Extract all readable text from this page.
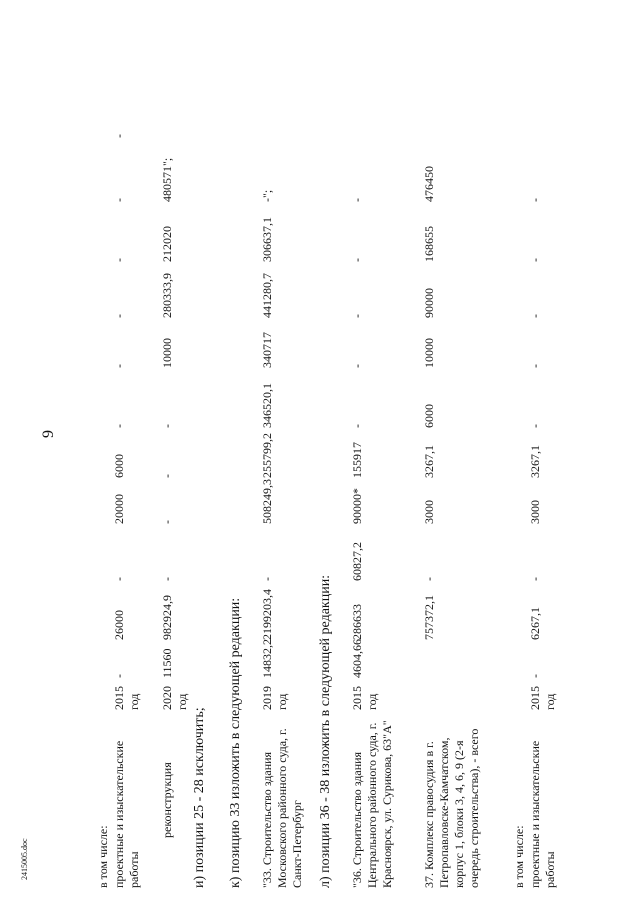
9
2415005.doc	в том числе: проектные и изыскательские работы
2015 год
-
26000
-
20000
6000
-
-
-
-
-
-
реконструкция
2020 год
11560
982924,9
-
-
-
-
10000
280333,9
212020
480571";
и) позиции 25 - 28 исключить; к) позицию 33 изложить в следующей редакции: "33. Строительство здания Московского районного суда, г. Санкт-Петербург
2019 год
14832,2
2199203,4
-
508249,3
255799,2
346520,1
340717
441280,7
306637,1
-";
л) позиции 36 - 38 изложить в следующей редакции: "36. Строительство здания Центрального районного суда, г. Красноярск, ул. Сурикова, 63"А"
2015 год
4604,66
286633
60827,2
90000*
155917
-
-
-
-
-
37. Комплекс правосудия в г. Петропавловске-Камчатском, корпус 1, блоки 3, 4, 6, 9 (2-я очередь строительства), - всего
757372,1
-
3000
3267,1
6000
10000
90000
168655
476450
в том числе: проектные и изыскательские работы
2015 год
-
6267,1
-
3000
3267,1
-
-
-
-
-
